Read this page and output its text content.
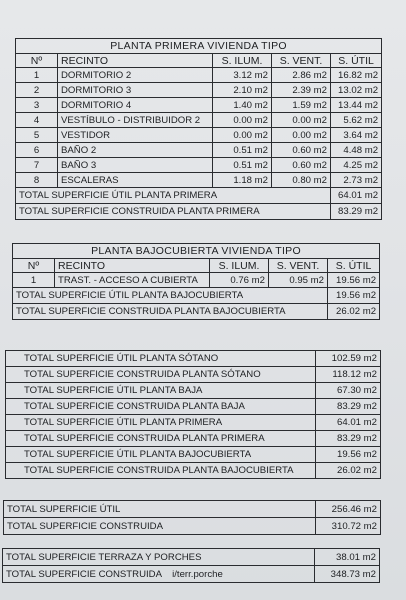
PLANTA PRIMERA VIVIENDA TIPO				
Nº	RECINTO	S. ILUM.	S. VENT.	S. ÚTIL
1	DORMITORIO 2	3.12 m2	2.86 m2	16.82 m2
2	DORMITORIO 3	2.10 m2	2.39 m2	13.02 m2
3	DORMITORIO 4	1.40 m2	1.59 m2	13.44 m2
4	VESTÍBULO - DISTRIBUIDOR 2	0.00 m2	0.00 m2	5.62 m2
5	VESTIDOR	0.00 m2	0.00 m2	3.64 m2
6	BAÑO 2	0.51 m2	0.60 m2	4.48 m2
7	BAÑO 3	0.51 m2	0.60 m2	4.25 m2
8	ESCALERAS	1.18 m2	0.80 m2	2.73 m2
TOTAL SUPERFICIE ÚTIL PLANTA PRIMERA				64.01 m2
TOTAL SUPERFICIE CONSTRUIDA PLANTA PRIMERA				83.29 m2
PLANTA BAJOCUBIERTA VIVIENDA TIPO				
Nº	RECINTO	S. ILUM.	S. VENT.	S. ÚTIL
1	TRAST. - ACCESO A CUBIERTA	0.76 m2	0.95 m2	19.56 m2
TOTAL SUPERFICIE ÚTIL PLANTA BAJOCUBIERTA				19.56 m2
TOTAL SUPERFICIE CONSTRUIDA PLANTA BAJOCUBIERTA				26.02 m2
TOTAL SUPERFICIE ÚTIL PLANTA SÓTANO	102.59 m2
TOTAL SUPERFICIE CONSTRUIDA PLANTA SÓTANO	118.12 m2
TOTAL SUPERFICIE ÚTIL PLANTA BAJA	67.30 m2
TOTAL SUPERFICIE CONSTRUIDA PLANTA BAJA	83.29 m2
TOTAL SUPERFICIE ÚTIL PLANTA PRIMERA	64.01 m2
TOTAL SUPERFICIE CONSTRUIDA PLANTA PRIMERA	83.29 m2
TOTAL SUPERFICIE ÚTIL PLANTA BAJOCUBIERTA	19.56 m2
TOTAL SUPERFICIE CONSTRUIDA PLANTA BAJOCUBIERTA	26.02 m2
TOTAL SUPERFICIE ÚTIL	256.46 m2
TOTAL SUPERFICIE CONSTRUIDA	310.72 m2
TOTAL SUPERFICIE TERRAZA Y PORCHES	38.01 m2
TOTAL SUPERFICIE CONSTRUIDA    i/terr.porche	348.73 m2
